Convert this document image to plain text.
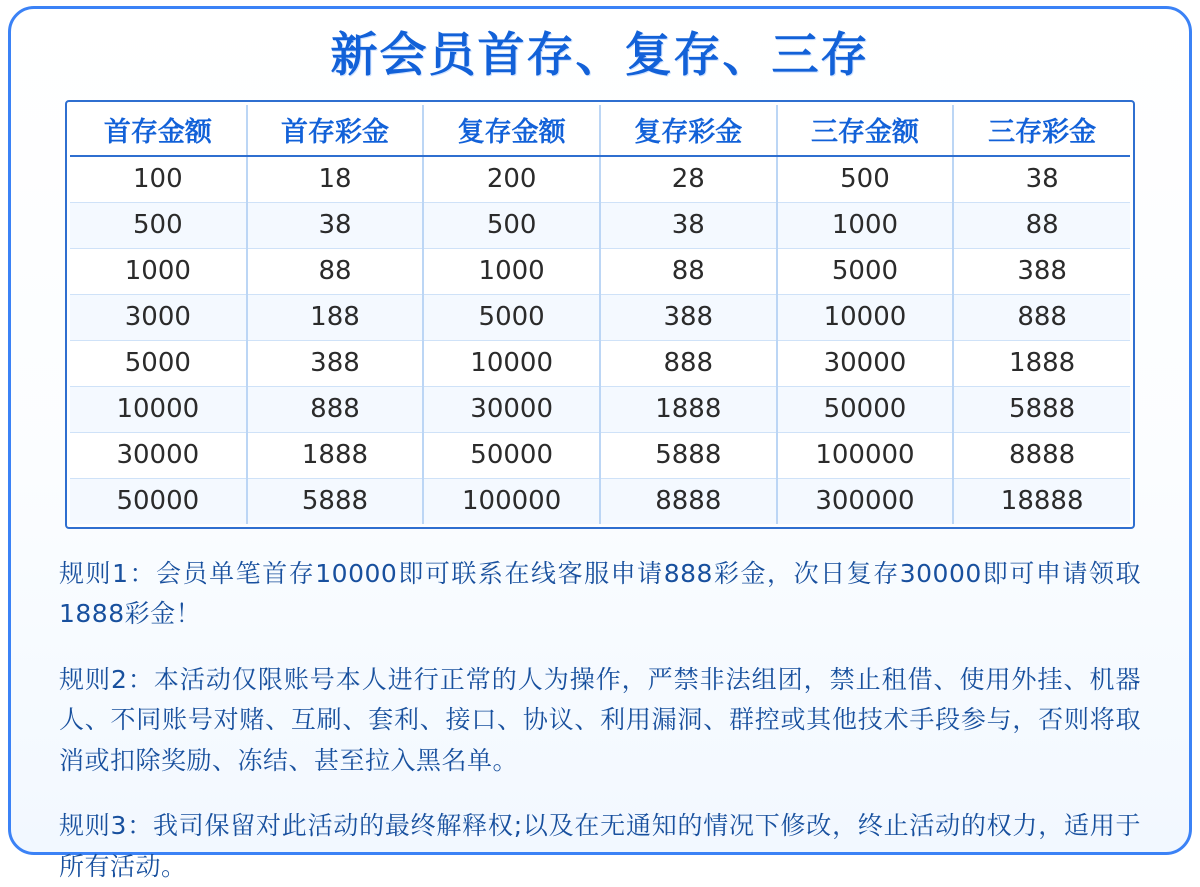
新会员首存、复存、三存
首存金额	首存彩金	复存金额	复存彩金	三存金额	三存彩金
100	18	200	28	500	38
500	38	500	38	1000	88
1000	88	1000	88	5000	388
3000	188	5000	388	10000	888
5000	388	10000	888	30000	1888
10000	888	30000	1888	50000	5888
30000	1888	50000	5888	100000	8888
50000	5888	100000	8888	300000	18888

规则1：会员单笔首存10000即可联系在线客服申请888彩金，次日复存30000即可申请领取1888彩金！

规则2：本活动仅限账号本人进行正常的人为操作，严禁非法组团，禁止租借、使用外挂、机器人、不同账号对赌、互刷、套利、接口、协议、利用漏洞、群控或其他技术手段参与，否则将取消或扣除奖励、冻结、甚至拉入黑名单。

规则3：我司保留对此活动的最终解释权;以及在无通知的情况下修改，终止活动的权力，适用于所有活动。
